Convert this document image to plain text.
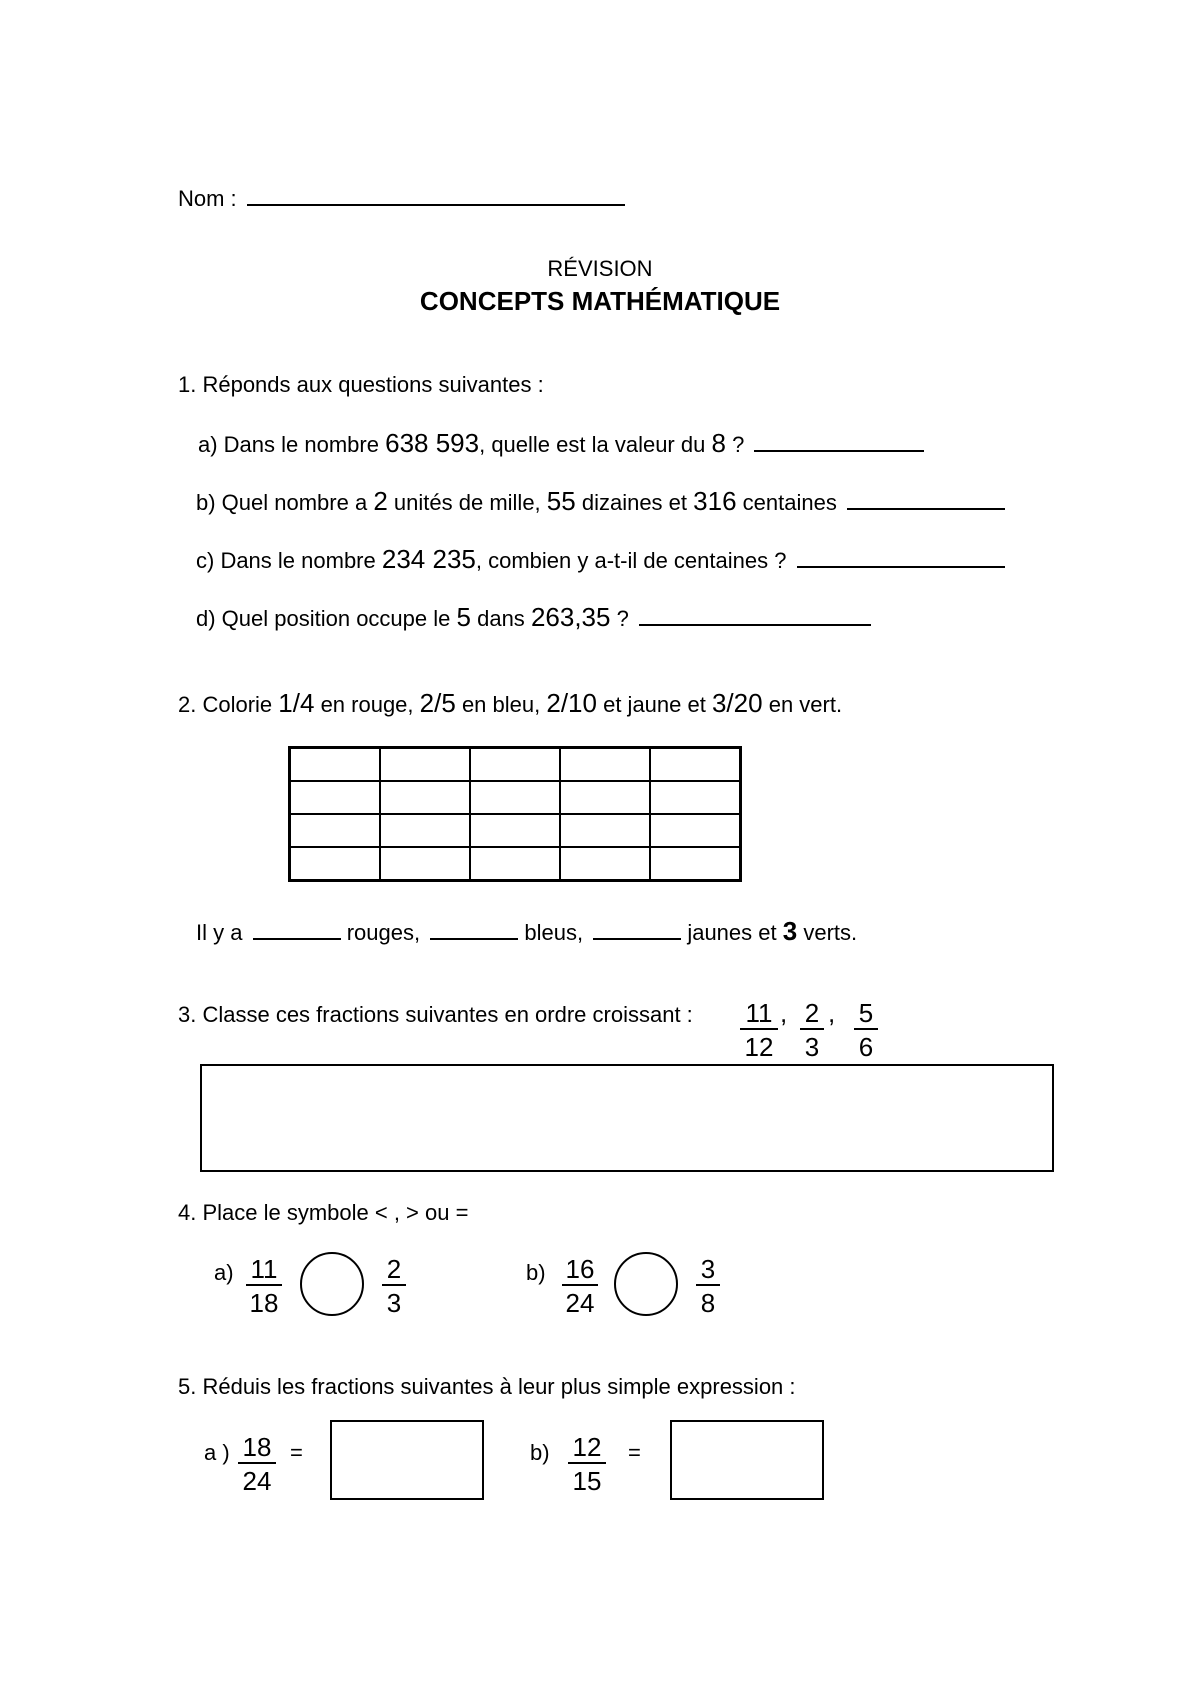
Nom :
RÉVISION
CONCEPTS MATHÉMATIQUE
1. Réponds aux questions suivantes :
a) Dans le nombre 638 593, quelle est la valeur du 8 ?
b) Quel nombre a 2 unités de mille, 55 dizaines et 316 centaines
c) Dans le nombre 234 235, combien y a-t-il de centaines ?
d) Quel position occupe le 5 dans 263,35 ?
2. Colorie 1/4 en rouge, 2/5 en bleu, 2/10 et jaune et 3/20 en vert.

Il y a	rouges,	bleus,	jaunes et 3 verts.
3. Classe ces fractions suivantes en ordre croissant : $\frac{11}{12}$ , $\frac{2}{3}$ , $\frac{5}{6}$
4. Place le symbole < , > ou =
$a) \frac{11}{18}$	$\frac{2}{3}$	$b) \frac{16}{24}$	$\frac{3}{8}$
5. Réduis les fractions suivantes à leur plus simple expression :
a ) $\frac{18}{24}$ =	$b) \frac{12}{15}$ =
